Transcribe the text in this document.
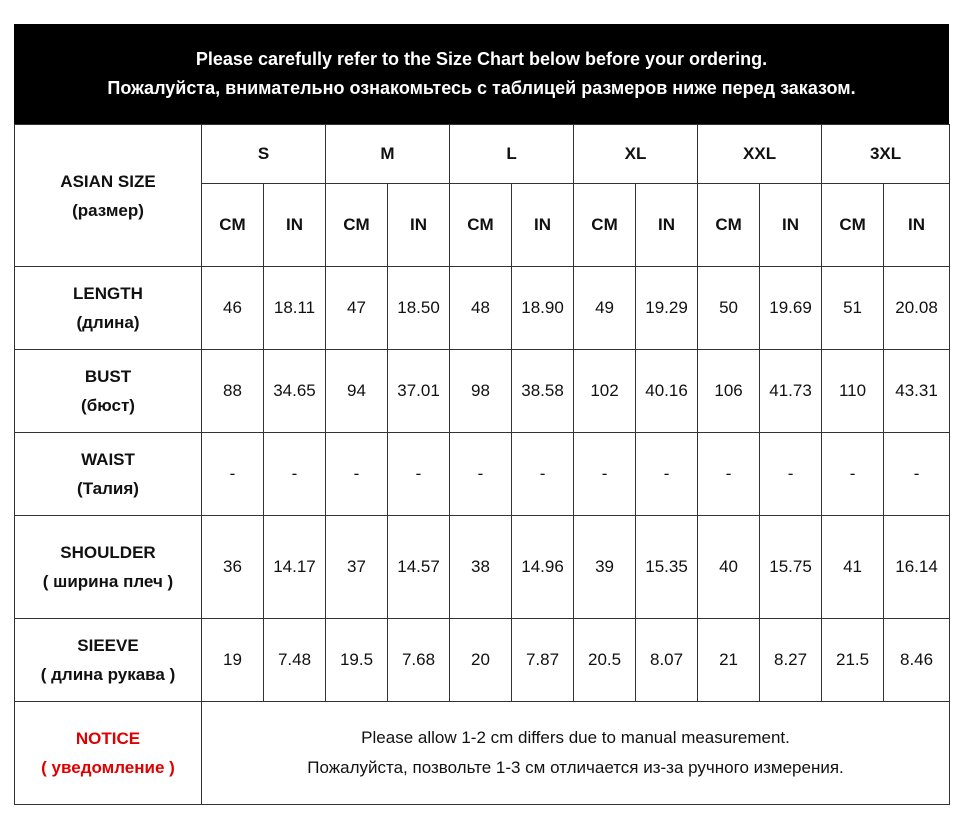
Please carefully refer to the Size Chart below before your ordering.
Пожалуйста, внимательно ознакомьтесь с таблицей размеров ниже перед заказом.
ASIAN SIZE
(размер)	S		M		L		XL		XXL		3XL	
	CM	IN	CM	IN	CM	IN	CM	IN	CM	IN	CM	IN

LENGTH
(длина)	46	18.11	47	18.50	48	18.90	49	19.29	50	19.69	51	20.08

BUST
(бюст)	88	34.65	94	37.01	98	38.58	102	40.16	106	41.73	110	43.31

WAIST
(Талия)	-	-	-	-	-	-	-	-	-	-	-	-

SHOULDER
( ширина плеч )	36	14.17	37	14.57	38	14.96	39	15.35	40	15.75	41	16.14

SIEEVE
( длина рукава )	19	7.48	19.5	7.68	20	7.87	20.5	8.07	21	8.27	21.5	8.46

NOTICE
( уведомление )	Please allow 1-2 cm differs due to manual measurement.
Пожалуйста, позвольте 1-3 см отличается из-за ручного измерения.											
